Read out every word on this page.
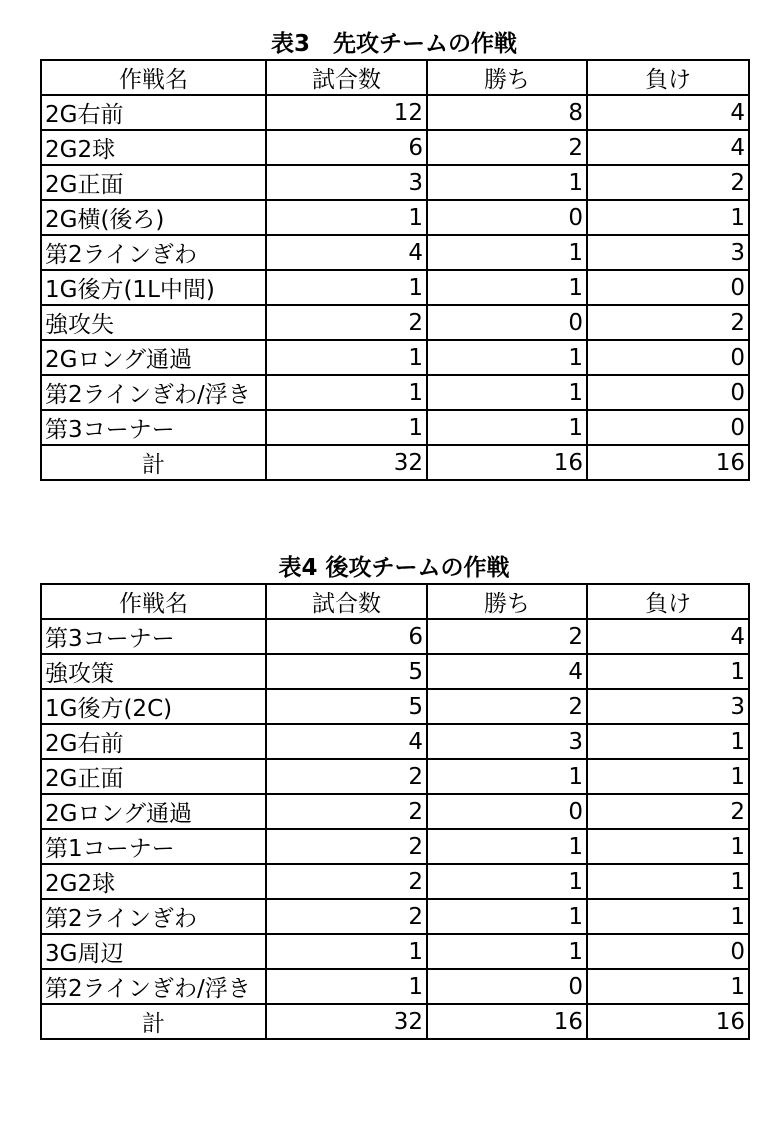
表3　先攻チームの作戦
作戦名	試合数	勝ち	負け
2G右前	12	8	4
2G2球	6	2	4
2G正面	3	1	2
2G横(後ろ)	1	0	1
第2ラインぎわ	4	1	3
1G後方(1L中間)	1	1	0
強攻失	2	0	2
2Gロング通過	1	1	0
第2ラインぎわ/浮き	1	1	0
第3コーナー	1	1	0
計	32	16	16
表4 後攻チームの作戦
作戦名	試合数	勝ち	負け
第3コーナー	6	2	4
強攻策	5	4	1
1G後方(2C)	5	2	3
2G右前	4	3	1
2G正面	2	1	1
2Gロング通過	2	0	2
第1コーナー	2	1	1
2G2球	2	1	1
第2ラインぎわ	2	1	1
3G周辺	1	1	0
第2ラインぎわ/浮き	1	0	1
計	32	16	16
